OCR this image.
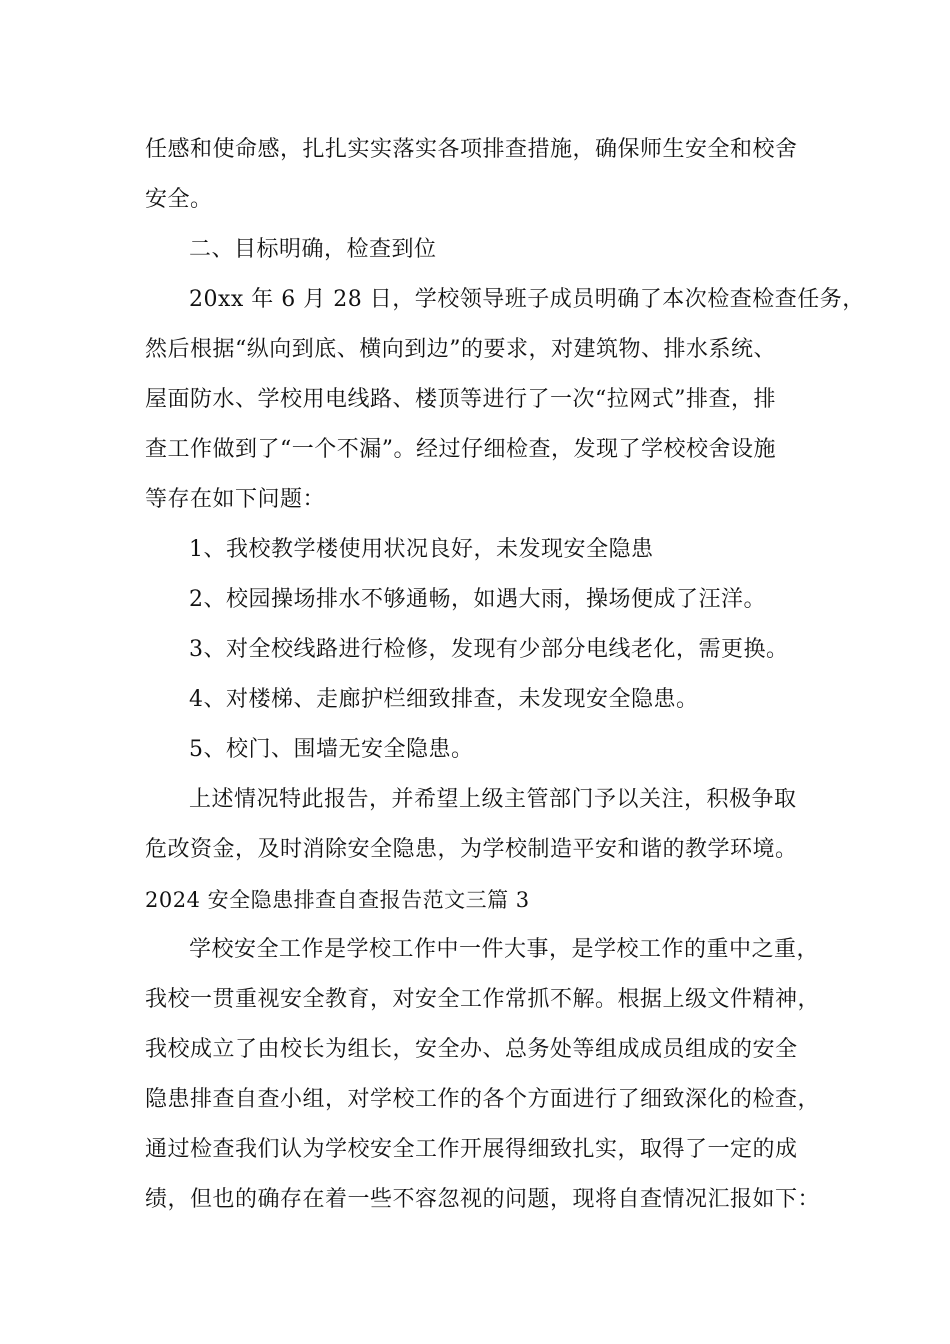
任感和使命感，扎扎实实落实各项排查措施，确保师生安全和校舍
安全。
二、目标明确，检查到位
20xx 年 6 月 28 日，学校领导班子成员明确了本次检查检查任务，
然后根据“纵向到底、横向到边”的要求，对建筑物、排水系统、
屋面防水、学校用电线路、楼顶等进行了一次“拉网式”排查，排
查工作做到了“一个不漏”。经过仔细检查，发现了学校校舍设施
等存在如下问题：
1、我校教学楼使用状况良好，未发现安全隐患
2、校园操场排水不够通畅，如遇大雨，操场便成了汪洋。
3、对全校线路进行检修，发现有少部分电线老化，需更换。
4、对楼梯、走廊护栏细致排查，未发现安全隐患。
5、校门、围墙无安全隐患。
上述情况特此报告，并希望上级主管部门予以关注，积极争取
危改资金，及时消除安全隐患，为学校制造平安和谐的教学环境。
2024 安全隐患排查自查报告范文三篇 3
学校安全工作是学校工作中一件大事，是学校工作的重中之重，
我校一贯重视安全教育，对安全工作常抓不解。根据上级文件精神，
我校成立了由校长为组长，安全办、总务处等组成成员组成的安全
隐患排查自查小组，对学校工作的各个方面进行了细致深化的检查，
通过检查我们认为学校安全工作开展得细致扎实，取得了一定的成
绩，但也的确存在着一些不容忽视的问题，现将自查情况汇报如下：
